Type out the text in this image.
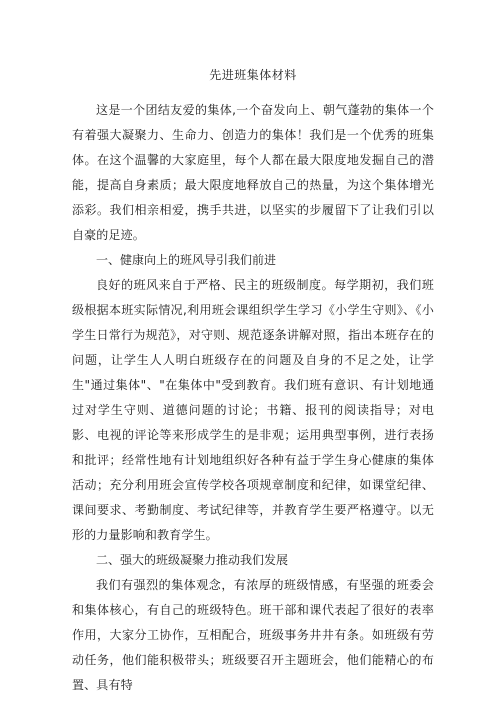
先进班集体材料

这是一个团结友爱的集体,一个奋发向上、朝气蓬勃的集体一个有着强大凝聚力、生命力、创造力的集体！我们是一个优秀的班集体。在这个温馨的大家庭里，每个人都在最大限度地发掘自己的潜能，提高自身素质；最大限度地释放自己的热量，为这个集体增光添彩。我们相亲相爱，携手共进，以坚实的步履留下了让我们引以自豪的足迹。

一、健康向上的班风导引我们前进

良好的班风来自于严格、民主的班级制度。每学期初，我们班级根据本班实际情况,利用班会课组织学生学习《小学生守则》、《小学生日常行为规范》，对守则、规范逐条讲解对照，指出本班存在的问题，让学生人人明白班级存在的问题及自身的不足之处，让学生"通过集体"、"在集体中"受到教育。我们班有意识、有计划地通过对学生守则、道德问题的讨论；书籍、报刊的阅读指导；对电影、电视的评论等来形成学生的是非观；运用典型事例，进行表扬和批评；经常性地有计划地组织好各种有益于学生身心健康的集体活动；充分利用班会宣传学校各项规章制度和纪律，如课堂纪律、课间要求、考勤制度、考试纪律等，并教育学生要严格遵守。以无形的力量影响和教育学生。

二、强大的班级凝聚力推动我们发展

我们有强烈的集体观念，有浓厚的班级情感，有坚强的班委会和集体核心，有自己的班级特色。班干部和课代表起了很好的表率作用，大家分工协作，互相配合，班级事务井井有条。如班级有劳动任务，他们能积极带头；班级要召开主题班会，他们能精心的布置、具有特
